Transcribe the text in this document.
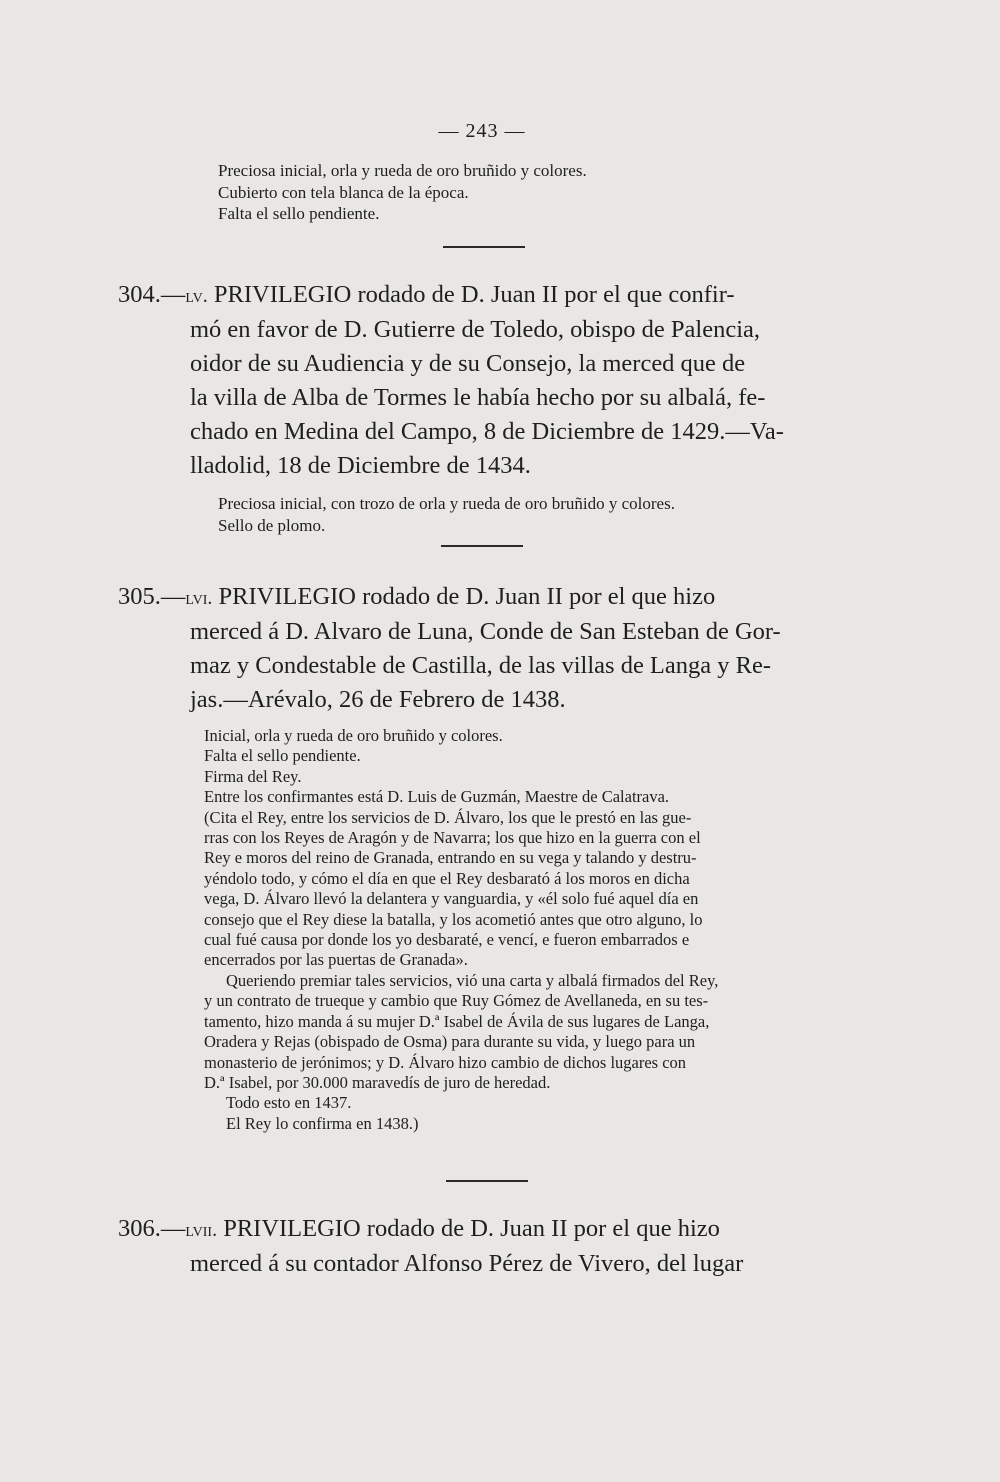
— 243 —
Preciosa inicial, orla y rueda de oro bruñido y colores.
Cubierto con tela blanca de la época.
Falta el sello pendiente.
304.—lv. PRIVILEGIO rodado de D. Juan II por el que confir-
mó en favor de D. Gutierre de Toledo, obispo de Palencia,
oidor de su Audiencia y de su Consejo, la merced que de
la villa de Alba de Tormes le había hecho por su albalá, fe-
chado en Medina del Campo, 8 de Diciembre de 1429.—Va-
lladolid, 18 de Diciembre de 1434.
Preciosa inicial, con trozo de orla y rueda de oro bruñido y colores.
Sello de plomo.
305.—lvi. PRIVILEGIO rodado de D. Juan II por el que hizo
merced á D. Alvaro de Luna, Conde de San Esteban de Gor-
maz y Condestable de Castilla, de las villas de Langa y Re-
jas.—Arévalo, 26 de Febrero de 1438.
Inicial, orla y rueda de oro bruñido y colores.
Falta el sello pendiente.
Firma del Rey.
Entre los confirmantes está D. Luis de Guzmán, Maestre de Calatrava.
(Cita el Rey, entre los servicios de D. Álvaro, los que le prestó en las gue-
rras con los Reyes de Aragón y de Navarra; los que hizo en la guerra con el
Rey e moros del reino de Granada, entrando en su vega y talando y destru-
yéndolo todo, y cómo el día en que el Rey desbarató á los moros en dicha
vega, D. Álvaro llevó la delantera y vanguardia, y «él solo fué aquel día en
consejo que el Rey diese la batalla, y los acometió antes que otro alguno, lo
cual fué causa por donde los yo desbaraté, e vencí, e fueron embarrados e
encerrados por las puertas de Granada».
Queriendo premiar tales servicios, vió una carta y albalá firmados del Rey,
y un contrato de trueque y cambio que Ruy Gómez de Avellaneda, en su tes-
tamento, hizo manda á su mujer D.ª Isabel de Ávila de sus lugares de Langa,
Oradera y Rejas (obispado de Osma) para durante su vida, y luego para un
monasterio de jerónimos; y D. Álvaro hizo cambio de dichos lugares con
D.ª Isabel, por 30.000 maravedís de juro de heredad.
Todo esto en 1437.
El Rey lo confirma en 1438.)
306.—lvii. PRIVILEGIO rodado de D. Juan II por el que hizo
merced á su contador Alfonso Pérez de Vivero, del lugar
